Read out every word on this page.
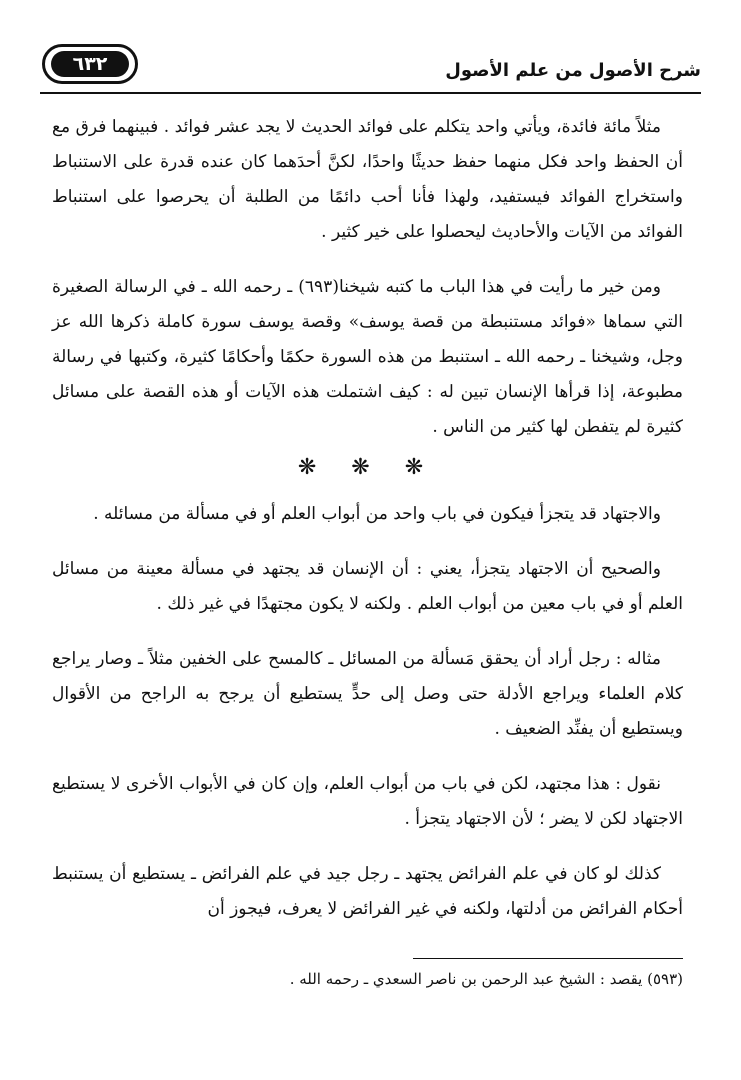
٦٣٢	شرح الأصول من علم الأصول

مثلاً مائة فائدة، ويأتي واحد يتكلم على فوائد الحديث لا يجد عشر فوائد . فبينهما فرق مع أن الحفظ واحد فكل منهما حفظ حديثًا واحدًا، لكنَّ أحدَهما كان عنده قدرة على الاستنباط واستخراج الفوائد فيستفيد، ولهذا فأنا أحب دائمًا من الطلبة أن يحرصوا على استنباط الفوائد من الآيات والأحاديث ليحصلوا على خير كثير .

ومن خير ما رأيت في هذا الباب ما كتبه شيخنا(٦٩٣) ـ رحمه الله ـ في الرسالة الصغيرة التي سماها «فوائد مستنبطة من قصة يوسف» وقصة يوسف سورة كاملة ذكرها الله عز وجل، وشيخنا ـ رحمه الله ـ استنبط من هذه السورة حكمًا وأحكامًا كثيرة، وكتبها في رسالة مطبوعة، إذا قرأها الإنسان تبين له : كيف اشتملت هذه الآيات أو هذه القصة على مسائل كثيرة لم يتفطن لها كثير من الناس .

❋ ❋ ❋

والاجتهاد قد يتجزأ فيكون في باب واحد من أبواب العلم أو في مسألة من مسائله .

والصحيح أن الاجتهاد يتجزأ، يعني : أن الإنسان قد يجتهد في مسألة معينة من مسائل العلم أو في باب معين من أبواب العلم . ولكنه لا يكون مجتهدًا في غير ذلك .

مثاله : رجل أراد أن يحقق مَسألة من المسائل ـ كالمسح على الخفين مثلاً ـ وصار يراجع كلام العلماء ويراجع الأدلة حتى وصل إلى حدٍّ يستطيع أن يرجح به الراجح من الأقوال ويستطيع أن يفنِّد الضعيف .

نقول : هذا مجتهد، لكن في باب من أبواب العلم، وإن كان في الأبواب الأخرى لا يستطيع الاجتهاد لكن لا يضر ؛ لأن الاجتهاد يتجزأ .

كذلك لو كان في علم الفرائض يجتهد ـ رجل جيد في علم الفرائض ـ يستطيع أن يستنبط أحكام الفرائض من أدلتها، ولكنه في غير الفرائض لا يعرف، فيجوز أن

(٥٩٣) يقصد : الشيخ عبد الرحمن بن ناصر السعدي ـ رحمه الله .
